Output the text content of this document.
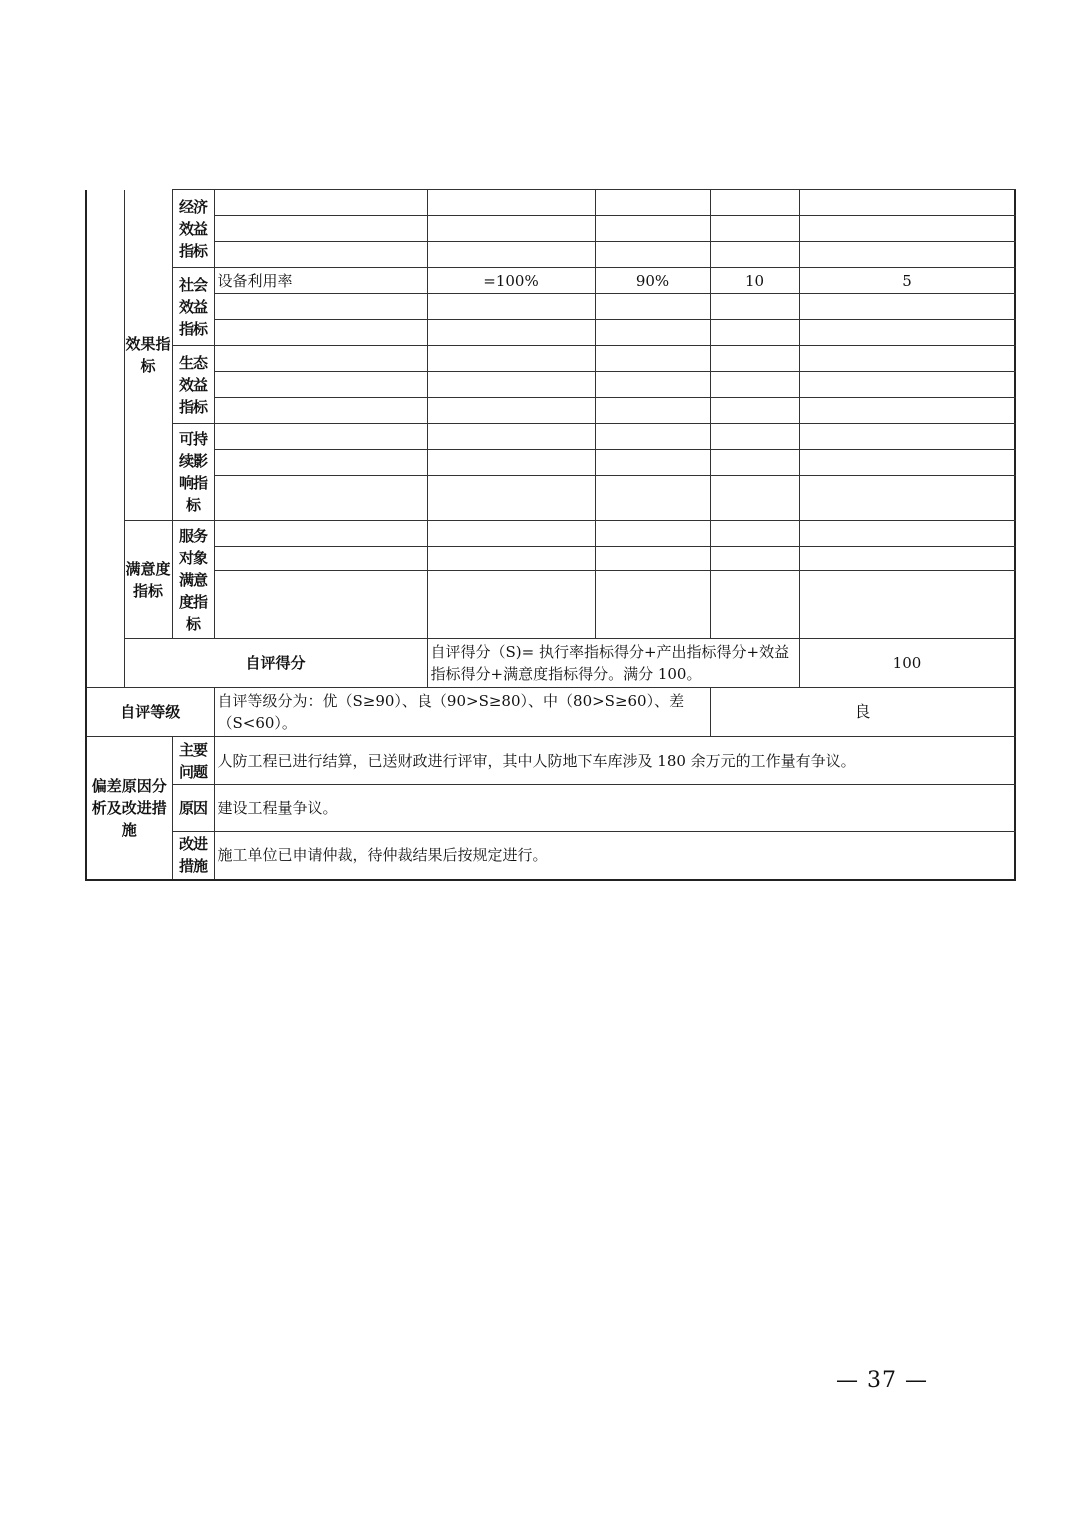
	效果指标	经济效益指标						

		社会效益指标	设备利用率	=100%	90%	10	5	

		生态效益指标						

		可持续影响指标						

	满意度指标	服务对象满意度指标						

	自评得分			自评得分（S)= 执行率指标得分+产出指标得分+效益指标得分+满意度指标得分。满分 100。			100	
自评等级			自评等级分为：优（S≥90）、良（90>S≥80）、中（80>S≥60）、差（S<60）。			良		
偏差原因分析及改进措施		主要问题	人防工程已进行结算，已送财政进行评审，其中人防地下车库涉及 180 余万元的工作量有争议。					
		原因	建设工程量争议。					
		改进措施	施工单位已申请仲裁，待仲裁结果后按规定进行。					
— 37 —
